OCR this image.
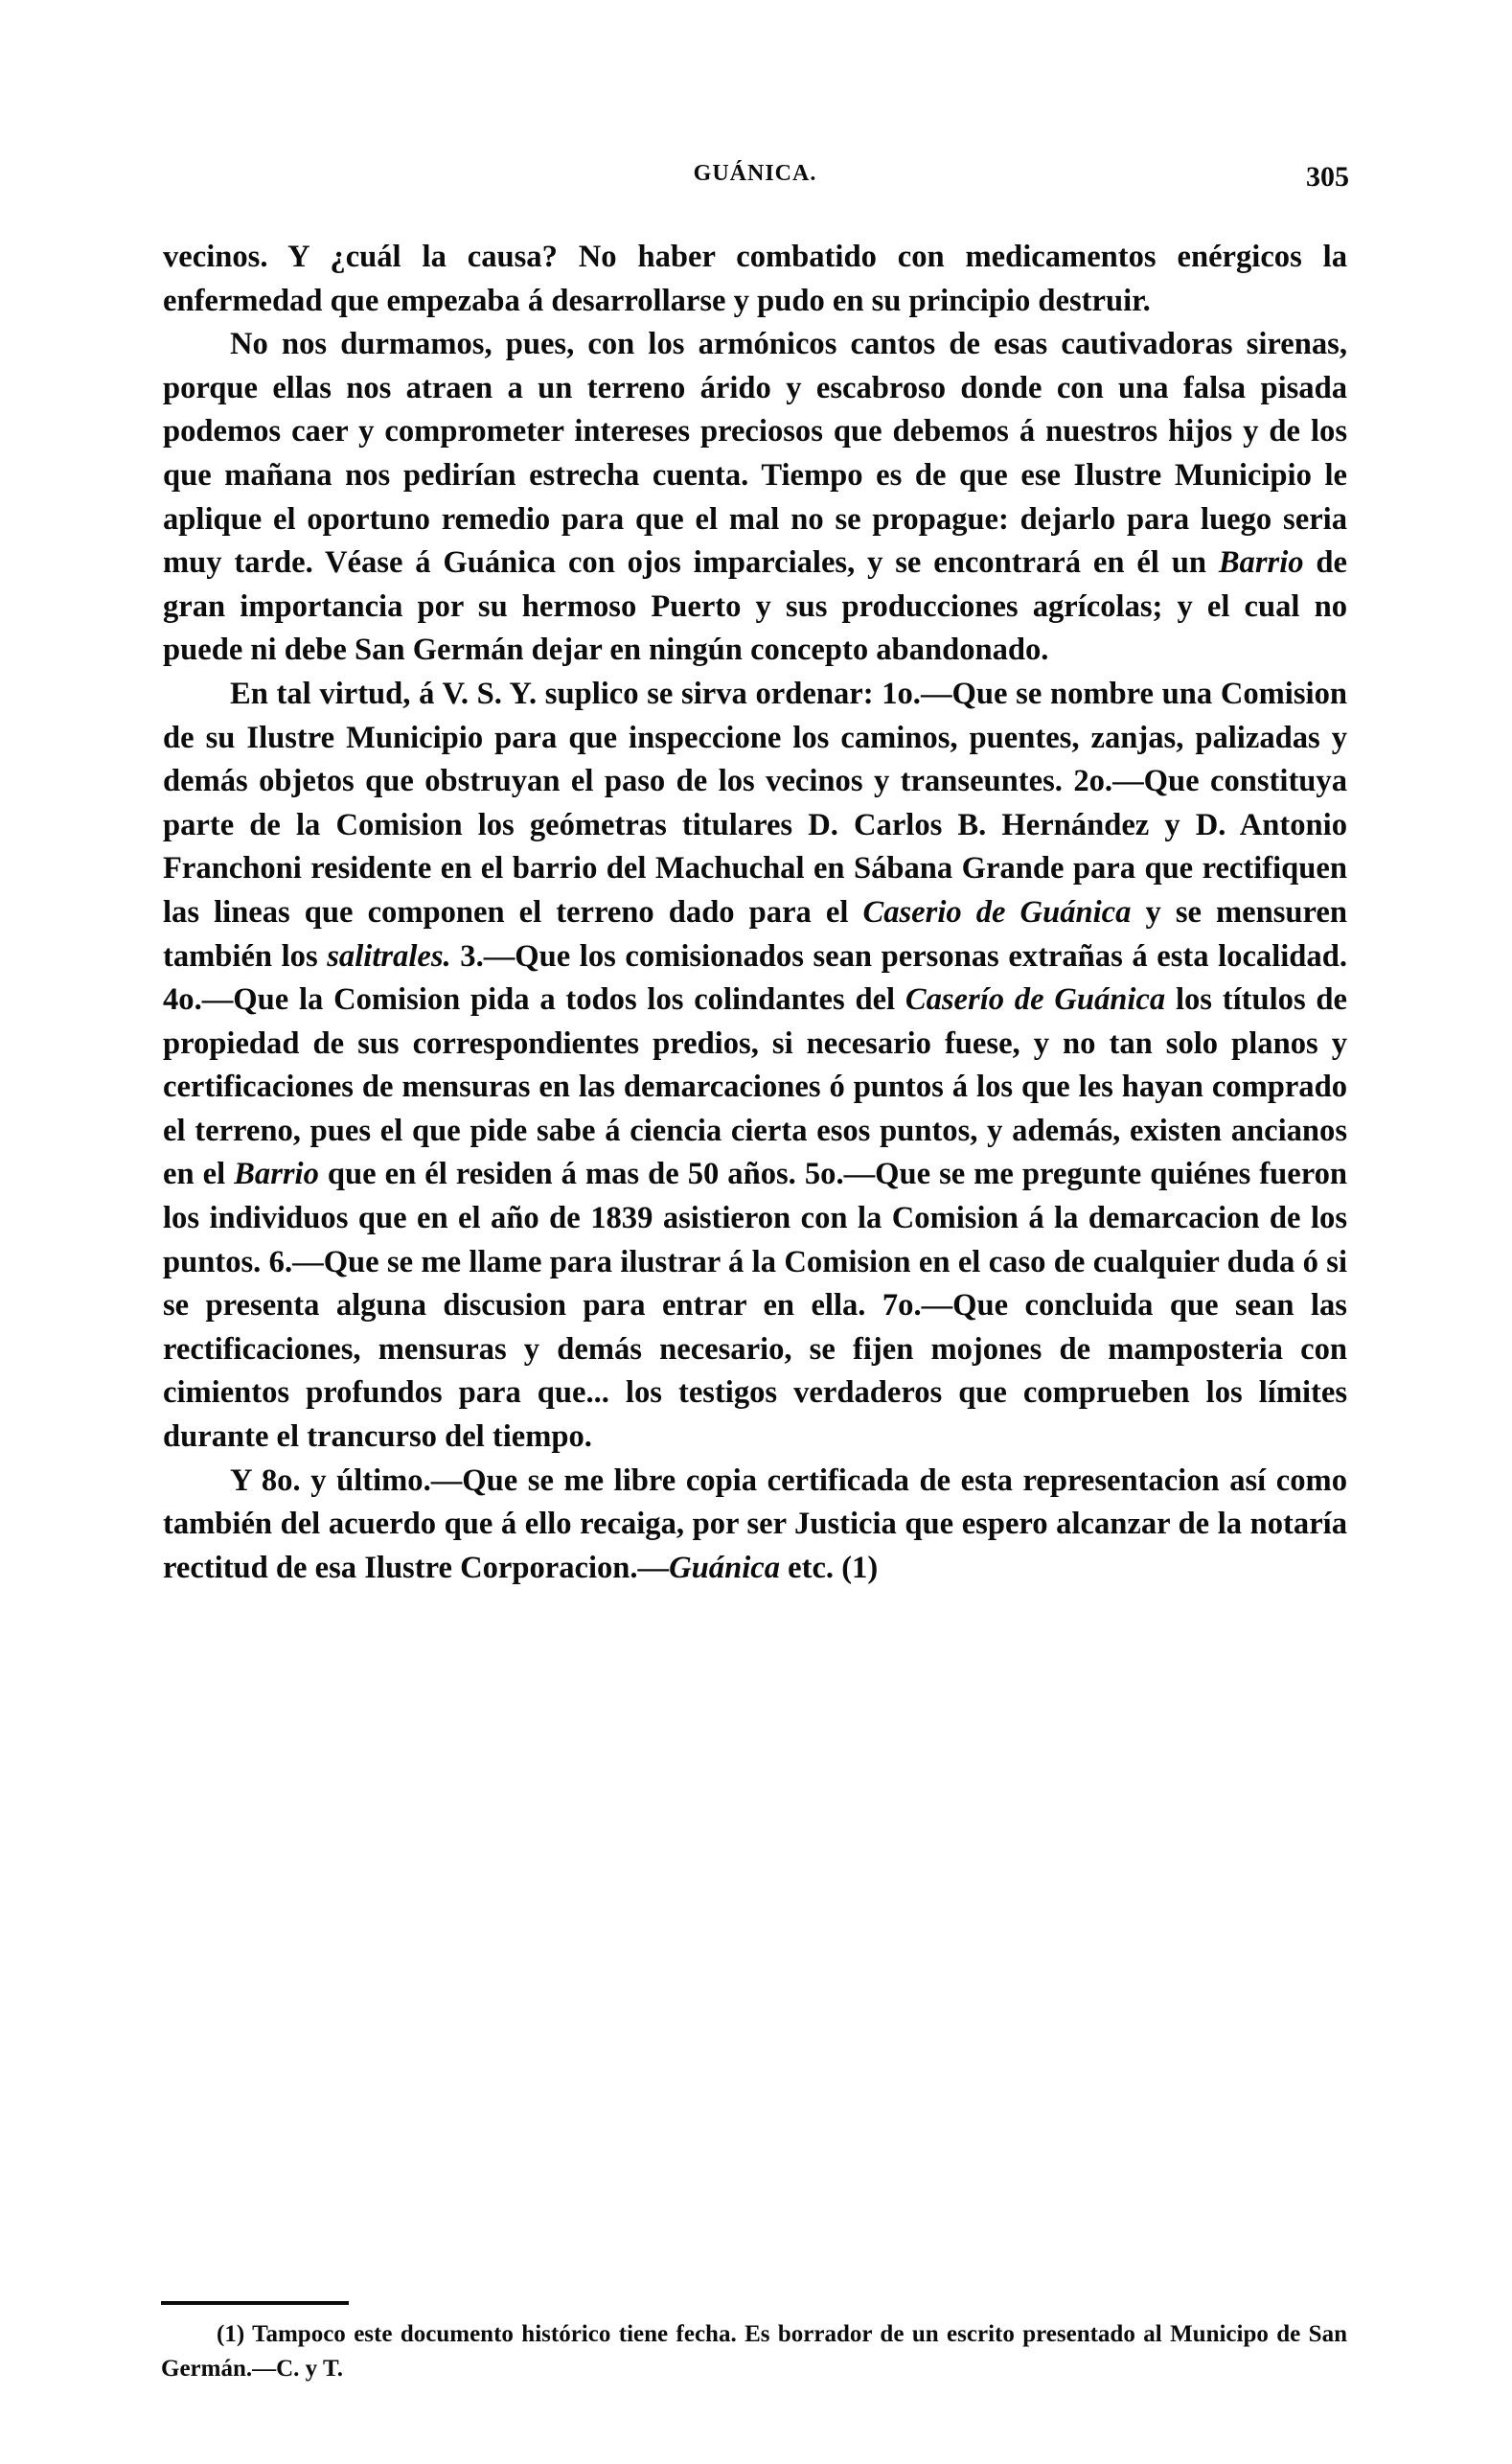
GUÁNICA.	305

vecinos. Y ¿cuál la causa? No haber combatido con medicamentos enérgicos la enfermedad que empezaba á desarrollarse y pudo en su principio destruir.

No nos durmamos, pues, con los armónicos cantos de esas cautivadoras sirenas, porque ellas nos atraen a un terreno árido y escabroso donde con una falsa pisada podemos caer y comprometer intereses preciosos que debemos á nuestros hijos y de los que mañana nos pedirían estrecha cuenta. Tiempo es de que ese Ilustre Municipio le aplique el oportuno remedio para que el mal no se propague: dejarlo para luego seria muy tarde. Véase á Guánica con ojos imparciales, y se encontrará en él un Barrio de gran importancia por su hermoso Puerto y sus producciones agrícolas; y el cual no puede ni debe San Germán dejar en ningún concepto abandonado.

En tal virtud, á V. S. Y. suplico se sirva ordenar: 1o.—Que se nombre una Comision de su Ilustre Municipio para que inspeccione los caminos, puentes, zanjas, palizadas y demás objetos que obstruyan el paso de los vecinos y transeuntes. 2o.—Que constituya parte de la Comision los geómetras titulares D. Carlos B. Hernández y D. Antonio Franchoni residente en el barrio del Machuchal en Sábana Grande para que rectifiquen las lineas que componen el terreno dado para el Caserio de Guánica y se mensuren también los salitrales. 3.—Que los comisionados sean personas extrañas á esta localidad. 4o.—Que la Comision pida a todos los colindantes del Caserío de Guánica los títulos de propiedad de sus correspondientes predios, si necesario fuese, y no tan solo planos y certificaciones de mensuras en las demarcaciones ó puntos á los que les hayan comprado el terreno, pues el que pide sabe á ciencia cierta esos puntos, y además, existen ancianos en el Barrio que en él residen á mas de 50 años. 5o.—Que se me pregunte quiénes fueron los individuos que en el año de 1839 asistieron con la Comision á la demarcacion de los puntos. 6.—Que se me llame para ilustrar á la Comision en el caso de cualquier duda ó si se presenta alguna discusion para entrar en ella. 7o.—Que concluida que sean las rectificaciones, mensuras y demás necesario, se fijen mojones de mamposteria con cimientos profundos para que... los testigos verdaderos que comprueben los límites durante el trancurso del tiempo.

Y 8o. y último.—Que se me libre copia certificada de esta representacion así como también del acuerdo que á ello recaiga, por ser Justicia que espero alcanzar de la notaría rectitud de esa Ilustre Corporacion.—Guánica etc. (1)

(1) Tampoco este documento histórico tiene fecha. Es borrador de un escrito presentado al Municipo de San Germán.—C. y T.
